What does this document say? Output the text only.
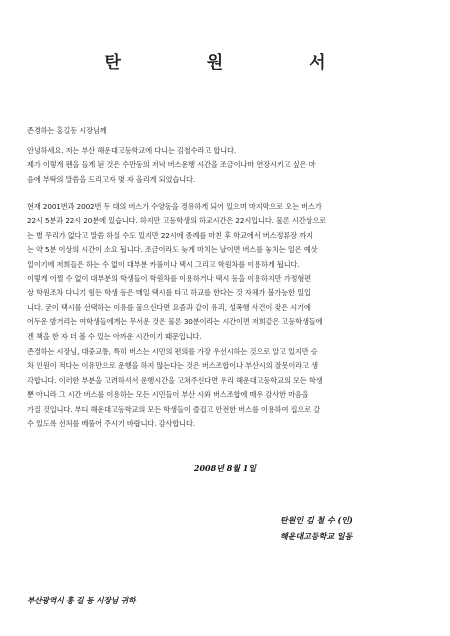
탄 원 서
존경하는 홍길동 시장님께
안녕하세요. 저는 부산 해운대고등학교에 다니는 김철수라고 합니다.
제가 이렇게 펜을 들게 된 것은 수만동의 저녁 버스운행 시간을 조금이나마 연장시키고 싶은 마
음에 부탁의 말씀을 드리고자 몇 자 올리게 되었습니다.
현재 2001번과 2002번 두 대의 버스가 수양동을 경유하게 되어 있으며 마지막으로 오는 버스가
22시 5분과 22시 20분에 있습니다. 하지만 고등학생의 하교시간은 22시입니다. 물론 시간상으로
는 별 무리가 없다고 말씀 하실 수도 있지만 22시에 종례를 마친 후 학교에서 버스정류장 까지
는 약 5분 이상의 시간이 소요 됩니다. 조금이라도 늦게 마치는 날이면 버스를 놓치는 일은 예삿
일이기에 저희들은 하는 수 없이 대부분 카풀이나 택시 그리고 학원차를 이용하게 됩니다.
이렇게 어쩔 수 없이 대부분의 학생들이 학원차를 이용하거나 택시 등을 이용하지만 가정형편
상 학원조차 다니기 힘든 학생 등은 매일 택시를 타고 하교를 한다는 것 자체가 불가능한 일입
니다. 굳이 택시를 선택하는 이유를 물으신다면 요즘과 같이 유괴, 성폭행 사건이 잦은 시기에
어두운 밤거리는 여학생들에게는 무서운 것은 물론 30분이라는 시간이면 저희같은 고등학생들에
겐 책을 한 자 더 볼 수 있는 아까운 시간이기 때문입니다.
존경하는 시장님, 대중교통, 특히 버스는 시민의 편의를 가장 우선시하는 것으로 알고 있지만 승
차 인원이 적다는 이유만으로 운행을 하지 않는다는 것은 버스조합이나 부산시의 잘못이라고 생
각합니다. 이러한 부분을 고려하셔서 운행시간을 고쳐주신다면 우리 해운대고등학교의 모든 학생
뿐 아니라 그 시간 버스를 이용하는 모든 시민들이 부산 시와 버스조합에 매우 감사한 마음을
가질 것입니다. 부디 해운대고등학교의 모든 학생들이 즐겁고 안전한 버스를 이용하여 집으로 갈
수 있도록 선처를 베풀어 주시기 바랍니다. 감사합니다.
2008년 8월 1일
탄원인 김 철 수 (인)
해운대고등학교 일동
부산광역시 홍 길 동 시장님 귀하
